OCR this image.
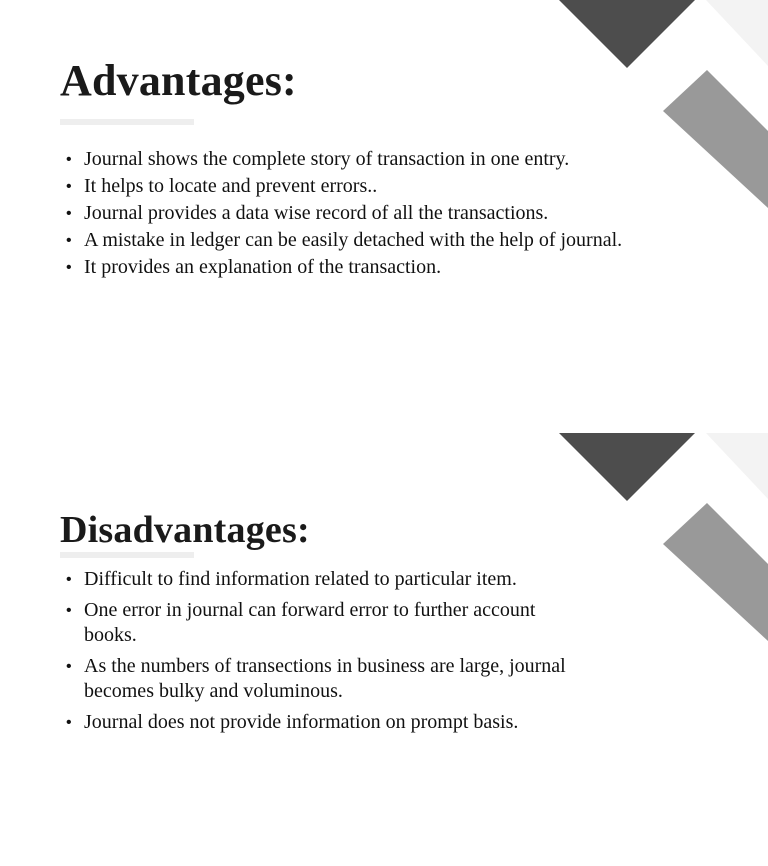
Advantages:
• Journal shows the complete story of transaction in one entry.
• It helps to locate and prevent errors..
• Journal provides a data wise record of all the transactions.
• A mistake in ledger can be easily detached with the help of journal.
• It provides an explanation of the transaction.
Disadvantages:
• Difficult to find information related to particular item.
• One error in journal can forward error to further account books.
• As the numbers of transections in business are large, journal becomes bulky and voluminous.
• Journal does not provide information on prompt basis.
